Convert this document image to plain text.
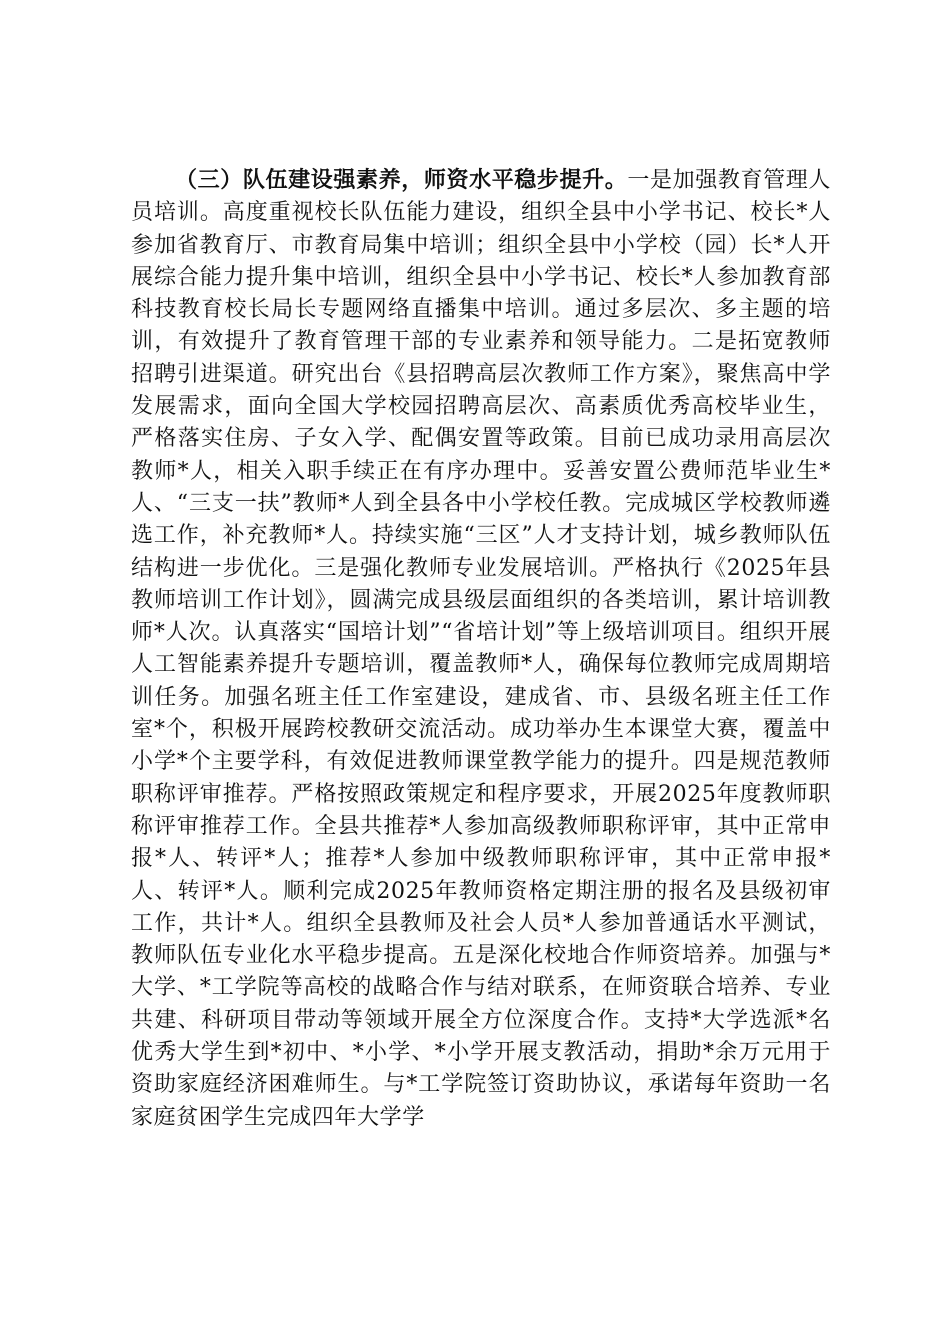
（三）队伍建设强素养，师资水平稳步提升。一是加强教育管理人员培训。高度重视校长队伍能力建设，组织全县中小学书记、校长*人参加省教育厅、市教育局集中培训；组织全县中小学校（园）长*人开展综合能力提升集中培训，组织全县中小学书记、校长*人参加教育部科技教育校长局长专题网络直播集中培训。通过多层次、多主题的培训，有效提升了教育管理干部的专业素养和领导能力。二是拓宽教师招聘引进渠道。研究出台《县招聘高层次教师工作方案》，聚焦高中学发展需求，面向全国大学校园招聘高层次、高素质优秀高校毕业生，严格落实住房、子女入学、配偶安置等政策。目前已成功录用高层次教师*人，相关入职手续正在有序办理中。妥善安置公费师范毕业生*人、“三支一扶”教师*人到全县各中小学校任教。完成城区学校教师遴选工作，补充教师*人。持续实施“三区”人才支持计划，城乡教师队伍结构进一步优化。三是强化教师专业发展培训。严格执行《2025年县教师培训工作计划》，圆满完成县级层面组织的各类培训，累计培训教师*人次。认真落实“国培计划”“省培计划”等上级培训项目。组织开展人工智能素养提升专题培训，覆盖教师*人，确保每位教师完成周期培训任务。加强名班主任工作室建设，建成省、市、县级名班主任工作室*个，积极开展跨校教研交流活动。成功举办生本课堂大赛，覆盖中小学*个主要学科，有效促进教师课堂教学能力的提升。四是规范教师职称评审推荐。严格按照政策规定和程序要求，开展2025年度教师职称评审推荐工作。全县共推荐*人参加高级教师职称评审，其中正常申报*人、转评*人；推荐*人参加中级教师职称评审，其中正常申报*人、转评*人。顺利完成2025年教师资格定期注册的报名及县级初审工作，共计*人。组织全县教师及社会人员*人参加普通话水平测试，教师队伍专业化水平稳步提高。五是深化校地合作师资培养。加强与*大学、*工学院等高校的战略合作与结对联系，在师资联合培养、专业共建、科研项目带动等领域开展全方位深度合作。支持*大学选派*名优秀大学生到*初中、*小学、*小学开展支教活动，捐助*余万元用于资助家庭经济困难师生。与*工学院签订资助协议，承诺每年资助一名家庭贫困学生完成四年大学学
